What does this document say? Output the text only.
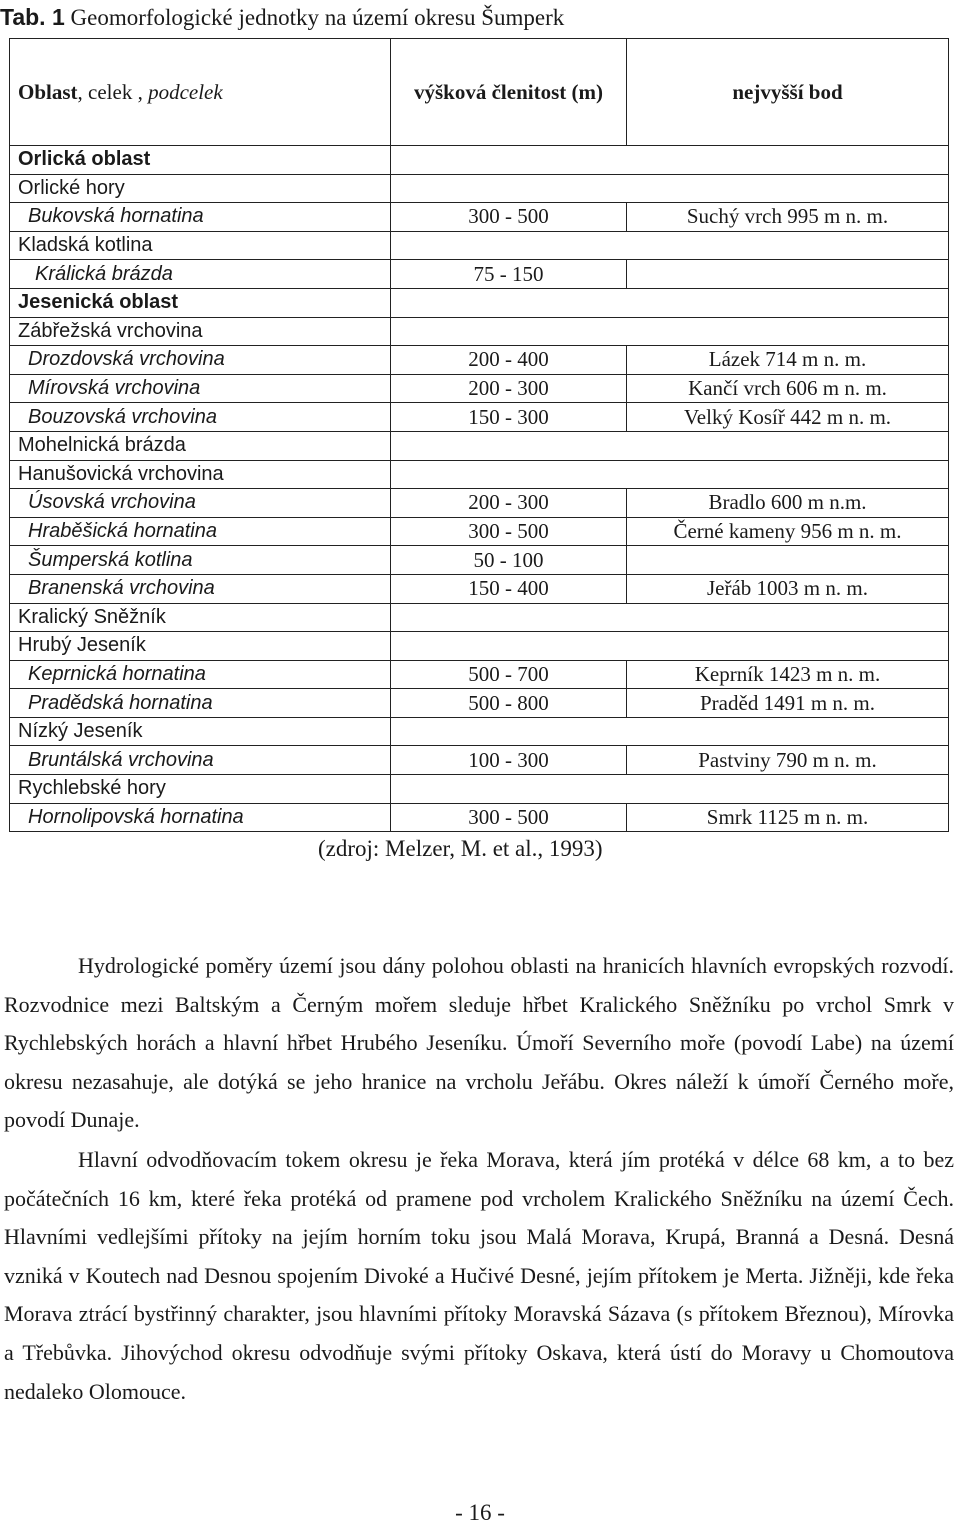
Tab. 1 Geomorfologické jednotky na území okresu Šumperk
Oblast, celek , podcelek	výšková členitost (m)	nejvyšší bod
Orlická oblast		
Orlické hory		
Bukovská hornatina	300 - 500	Suchý vrch 995 m n. m.
Kladská kotlina		
Králická brázda	75 - 150	
Jesenická oblast		
Zábřežská vrchovina		
Drozdovská vrchovina	200 - 400	Lázek 714 m n. m.
Mírovská vrchovina	200 - 300	Kančí vrch 606 m n. m.
Bouzovská vrchovina	150 - 300	Velký Kosíř 442 m n. m.
Mohelnická brázda		
Hanušovická vrchovina		
Úsovská vrchovina	200 - 300	Bradlo 600 m n.m.
Hraběšická hornatina	300 - 500	Černé kameny 956 m n. m.
Šumperská kotlina	50 - 100	
Branenská vrchovina	150 - 400	Jeřáb 1003 m n. m.
Kralický Sněžník		
Hrubý Jeseník		
Keprnická hornatina	500 - 700	Keprník 1423 m n. m.
Pradědská hornatina	500 - 800	Praděd 1491 m n. m.
Nízký Jeseník		
Bruntálská vrchovina	100 - 300	Pastviny 790 m n. m.
Rychlebské hory		
Hornolipovská hornatina	300 - 500	Smrk 1125 m n. m.
(zdroj: Melzer, M. et al., 1993)

Hydrologické poměry území jsou dány polohou oblasti na hranicích hlavních evropských rozvodí. Rozvodnice mezi Baltským a Černým mořem sleduje hřbet Kralického Sněžníku po vrchol Smrk v Rychlebských horách a hlavní hřbet Hrubého Jeseníku. Úmoří Severního moře (povodí Labe) na území okresu nezasahuje, ale dotýká se jeho hranice na vrcholu Jeřábu. Okres náleží k úmoří Černého moře, povodí Dunaje.

Hlavní odvodňovacím tokem okresu je řeka Morava, která jím protéká v délce 68 km, a to bez počátečních 16 km, které řeka protéká od pramene pod vrcholem Kralického Sněžníku na území Čech. Hlavními vedlejšími přítoky na jejím horním toku jsou Malá Morava, Krupá, Branná a Desná. Desná vzniká v Koutech nad Desnou spojením Divoké a Hučivé Desné, jejím přítokem je Merta. Jižněji, kde řeka Morava ztrácí bystřinný charakter, jsou hlavními přítoky Moravská Sázava (s přítokem Březnou), Mírovka a Třebůvka. Jihovýchod okresu odvodňuje svými přítoky Oskava, která ústí do Moravy u Chomoutova nedaleko Olomouce.

- 16 -
